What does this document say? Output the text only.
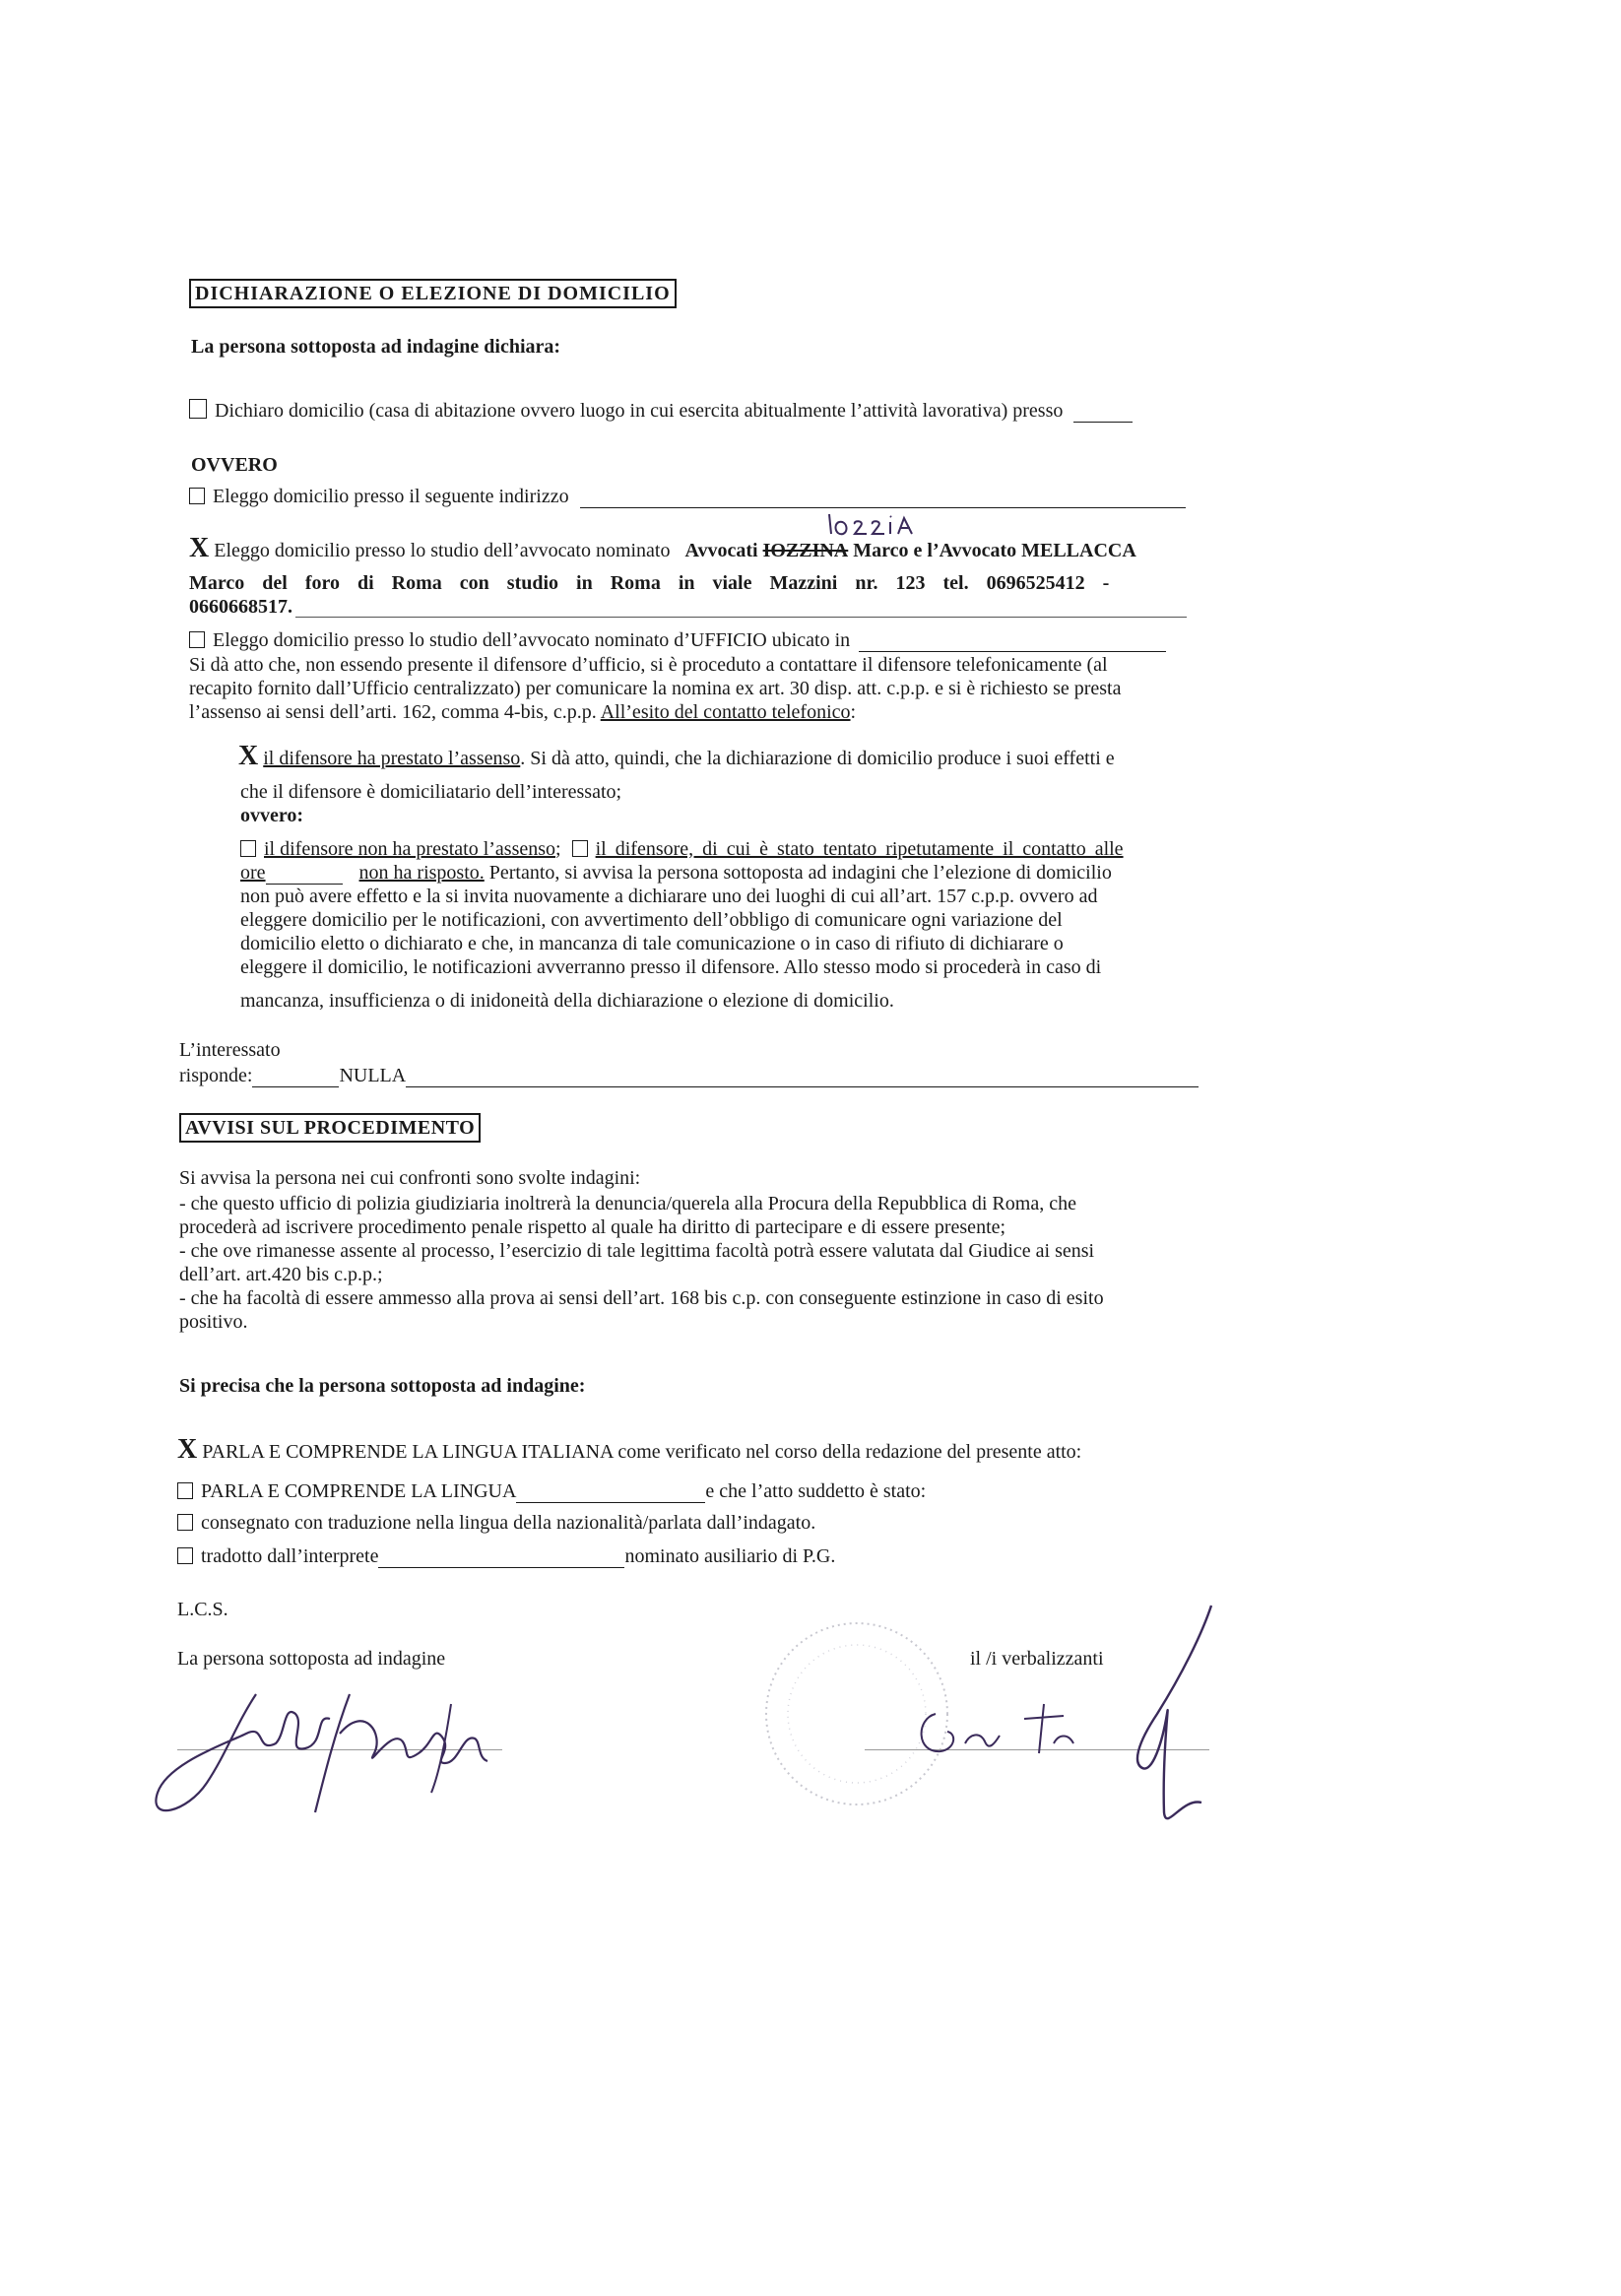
DICHIARAZIONE O ELEZIONE DI DOMICILIO
La persona sottoposta ad indagine dichiara:
Dichiaro domicilio (casa di abitazione ovvero luogo in cui esercita abitualmente l’attività lavorativa) presso
OVVERO
Eleggo domicilio presso il seguente indirizzo
X Eleggo domicilio presso lo studio dell’avvocato nominato Avvocati IOZZINA Marco e l’Avvocato MELLACCA
Marco del foro di Roma con studio in Roma in viale Mazzini nr. 123 tel. 0696525412 -
0660668517.
Eleggo domicilio presso lo studio dell’avvocato nominato d’UFFICIO ubicato in
Si dà atto che, non essendo presente il difensore d’ufficio, si è proceduto a contattare il difensore telefonicamente (al
recapito fornito dall’Ufficio centralizzato) per comunicare la nomina ex art. 30 disp. att. c.p.p. e si è richiesto se presta
l’assenso ai sensi dell’arti. 162, comma 4-bis, c.p.p. All’esito del contatto telefonico:
X il difensore ha prestato l’assenso. Si dà atto, quindi, che la dichiarazione di domicilio produce i suoi effetti e
che il difensore è domiciliatario dell’interessato;
ovvero:
il difensore non ha prestato l’assenso; il difensore, di cui è stato tentato ripetutamente il contatto alle
ore	non ha risposto. Pertanto, si avvisa la persona sottoposta ad indagini che l’elezione di domicilio
non può avere effetto e la si invita nuovamente a dichiarare uno dei luoghi di cui all’art. 157 c.p.p. ovvero ad
eleggere domicilio per le notificazioni, con avvertimento dell’obbligo di comunicare ogni variazione del
domicilio eletto o dichiarato e che, in mancanza di tale comunicazione o in caso di rifiuto di dichiarare o
eleggere il domicilio, le notificazioni avverranno presso il difensore. Allo stesso modo si procederà in caso di
mancanza, insufficienza o di inidoneità della dichiarazione o elezione di domicilio.
L’interessato
risponde:	NULLA
AVVISI SUL PROCEDIMENTO
Si avvisa la persona nei cui confronti sono svolte indagini:
- che questo ufficio di polizia giudiziaria inoltrerà la denuncia/querela alla Procura della Repubblica di Roma, che
procederà ad iscrivere procedimento penale rispetto al quale ha diritto di partecipare e di essere presente;
- che ove rimanesse assente al processo, l’esercizio di tale legittima facoltà potrà essere valutata dal Giudice ai sensi
dell’art. art.420 bis c.p.p.;
- che ha facoltà di essere ammesso alla prova ai sensi dell’art. 168 bis c.p. con conseguente estinzione in caso di esito
positivo.
Si precisa che la persona sottoposta ad indagine:
X PARLA E COMPRENDE LA LINGUA ITALIANA come verificato nel corso della redazione del presente atto:
PARLA E COMPRENDE LA LINGUA	e che l’atto suddetto è stato:
consegnato con traduzione nella lingua della nazionalità/parlata dall’indagato.
tradotto dall’interprete	nominato ausiliario di P.G.
L.C.S.
La persona sottoposta ad indagine	il /i verbalizzanti
